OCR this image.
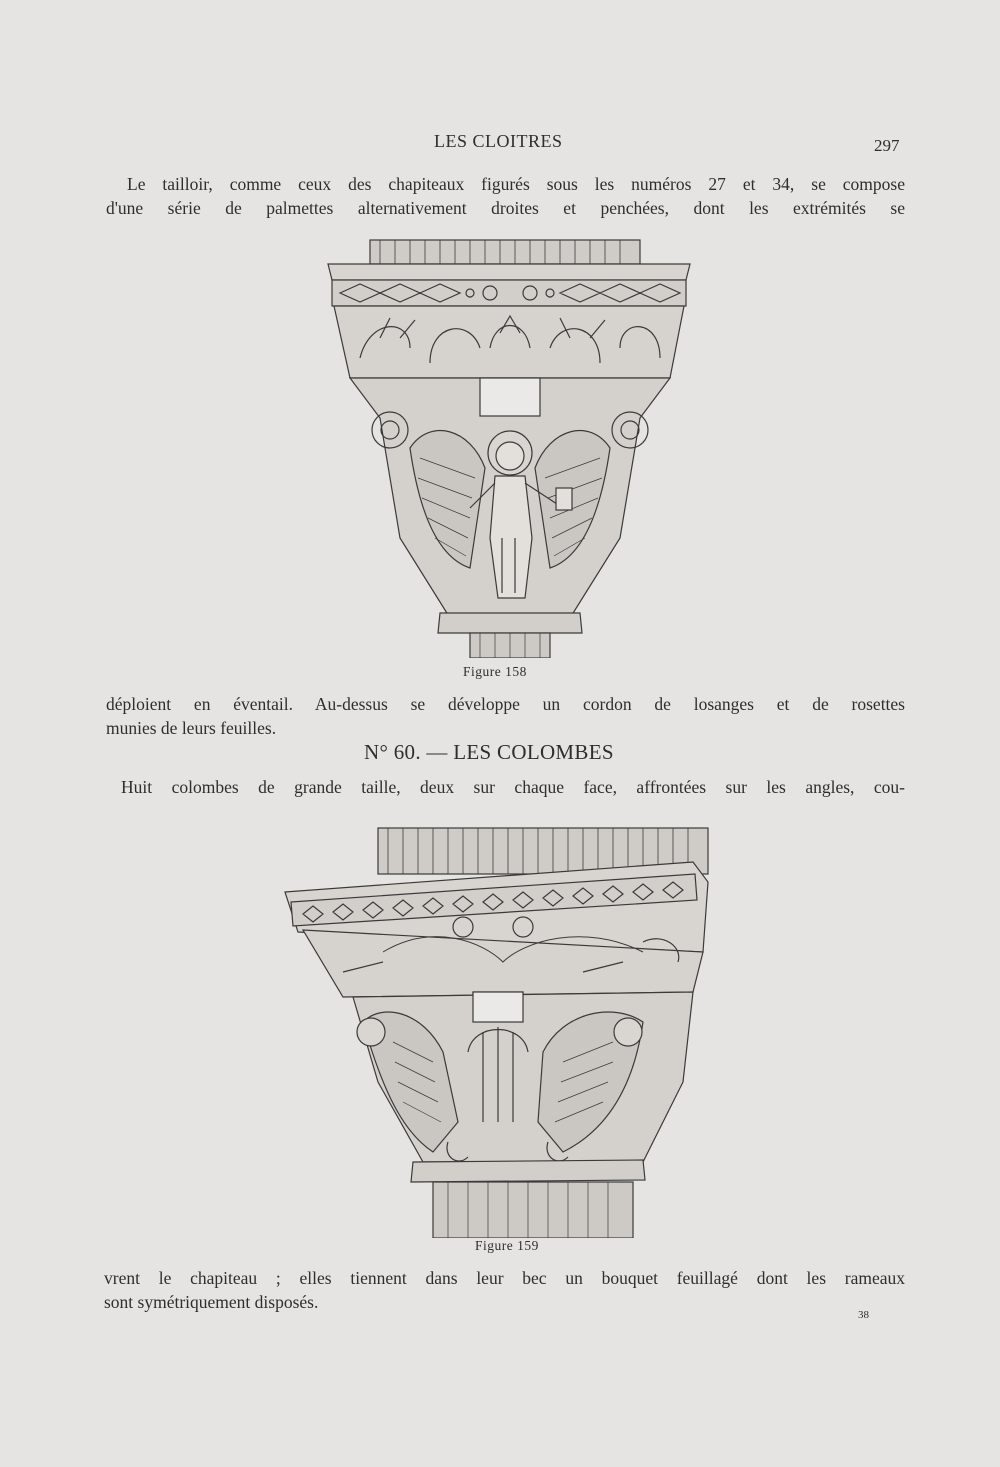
LES CLOITRES	297

Le tailloir, comme ceux des chapiteaux figurés sous les numéros 27 et 34, se compose

d'une série de palmettes alternativement droites et penchées, dont les extrémités se

Figure 158

déploient en éventail. Au-dessus se développe un cordon de losanges et de rosettes

munies de leurs feuilles.

N° 60. — LES COLOMBES

Huit colombes de grande taille, deux sur chaque face, affrontées sur les angles, cou-

Figure 159

vrent le chapiteau ; elles tiennent dans leur bec un bouquet feuillagé dont les rameaux

sont symétriquement disposés.

38
